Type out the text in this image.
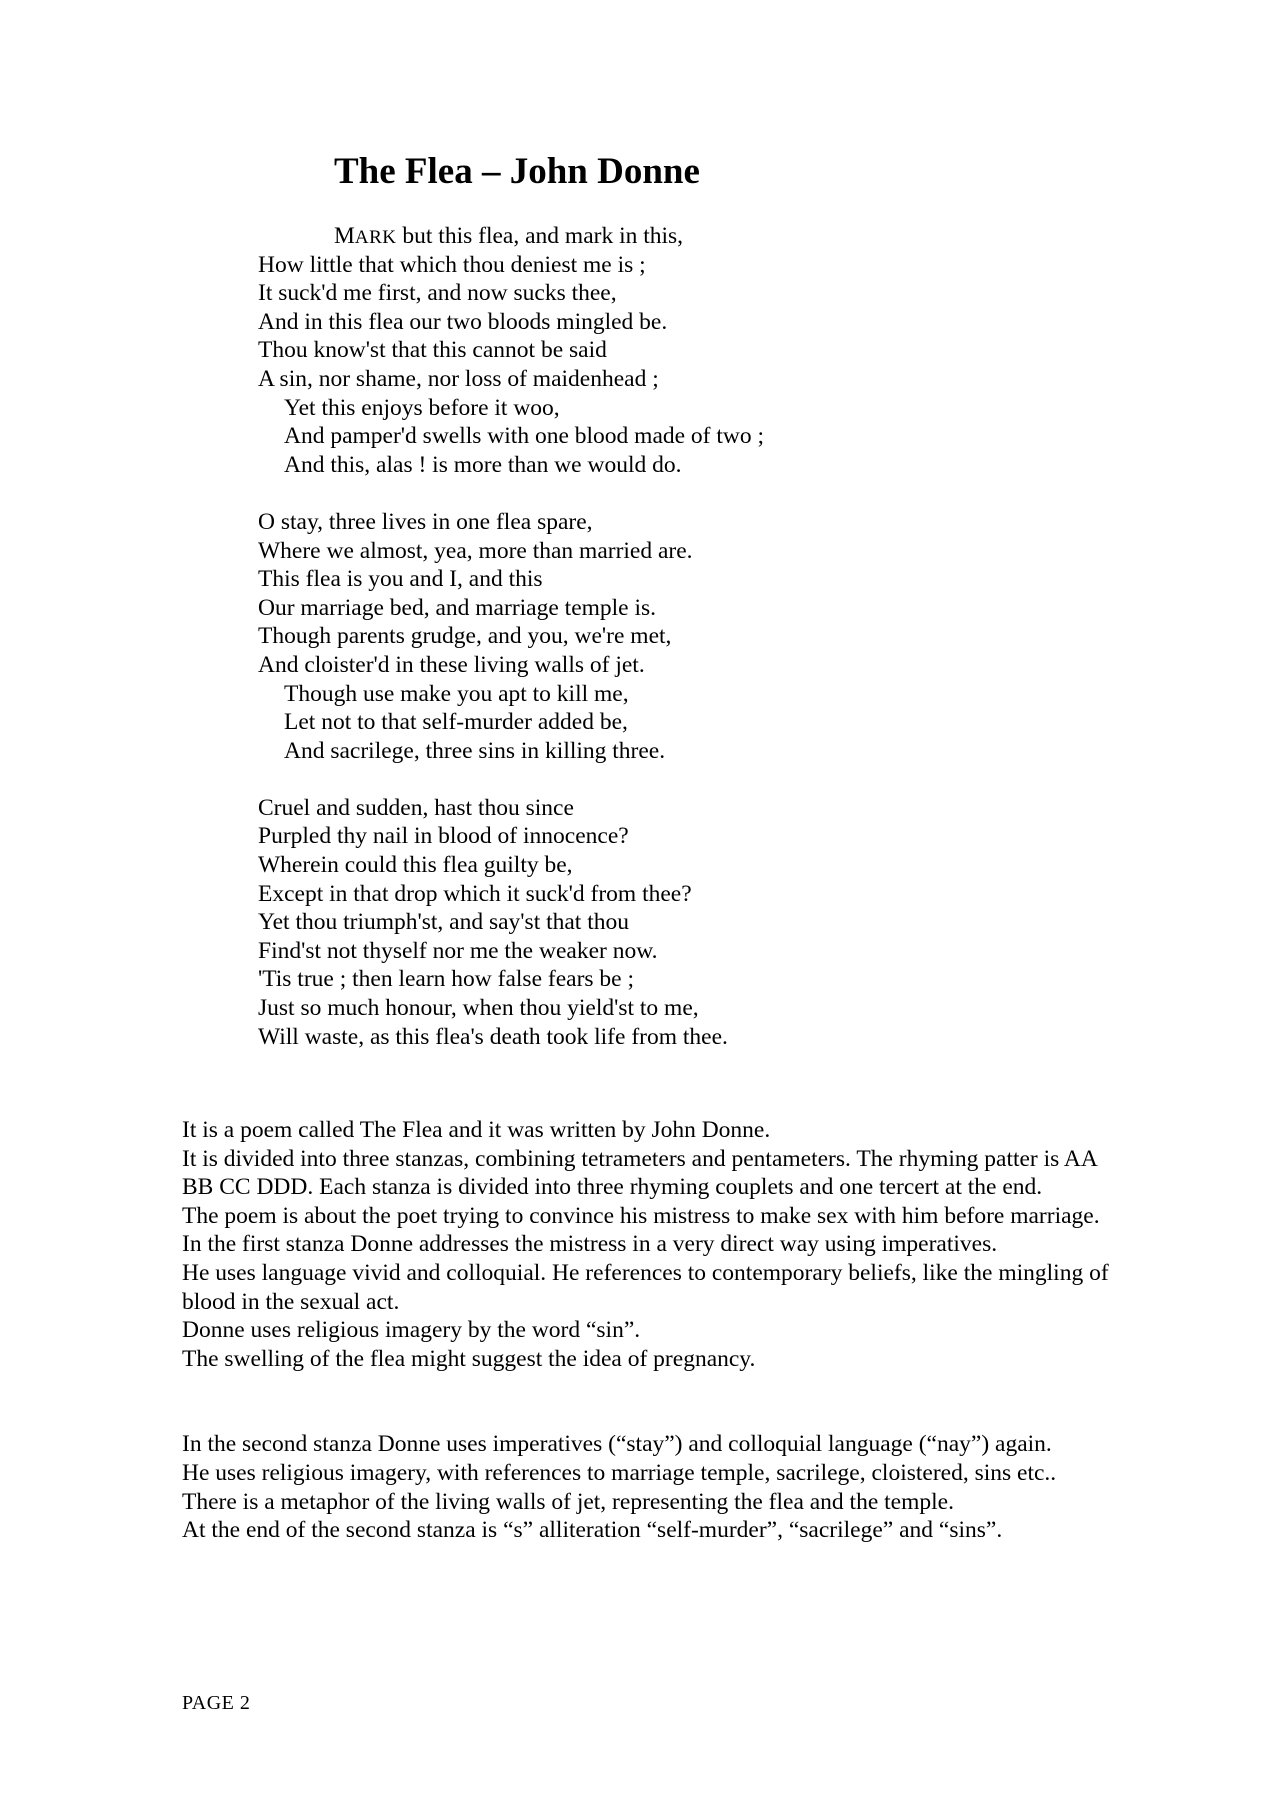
The Flea – John Donne
MARK but this flea, and mark in this,
How little that which thou deniest me is ;
It suck'd me first, and now sucks thee,
And in this flea our two bloods mingled be.
Thou know'st that this cannot be said
A sin, nor shame, nor loss of maidenhead ;
Yet this enjoys before it woo,
And pamper'd swells with one blood made of two ;
And this, alas ! is more than we would do.
O stay, three lives in one flea spare,
Where we almost, yea, more than married are.
This flea is you and I, and this
Our marriage bed, and marriage temple is.
Though parents grudge, and you, we're met,
And cloister'd in these living walls of jet.
Though use make you apt to kill me,
Let not to that self-murder added be,
And sacrilege, three sins in killing three.
Cruel and sudden, hast thou since
Purpled thy nail in blood of innocence?
Wherein could this flea guilty be,
Except in that drop which it suck'd from thee?
Yet thou triumph'st, and say'st that thou
Find'st not thyself nor me the weaker now.
'Tis true ; then learn how false fears be ;
Just so much honour, when thou yield'st to me,
Will waste, as this flea's death took life from thee.

It is a poem called The Flea and it was written by John Donne.

It is divided into three stanzas, combining tetrameters and pentameters. The rhyming patter is AA BB CC DDD. Each stanza is divided into three rhyming couplets and one tercert at the end.

The poem is about the poet trying to convince his mistress to make sex with him before marriage.

In the first stanza Donne addresses the mistress in a very direct way using imperatives.

He uses language vivid and colloquial. He references to contemporary beliefs, like the mingling of blood in the sexual act.

Donne uses religious imagery by the word “sin”.

The swelling of the flea might suggest the idea of pregnancy.

In the second stanza Donne uses imperatives (“stay”) and colloquial language (“nay”) again.

He uses religious imagery, with references to marriage temple, sacrilege, cloistered, sins etc..

There is a metaphor of the living walls of jet, representing the flea and the temple.

At the end of the second stanza is “s” alliteration “self-murder”, “sacrilege” and “sins”.

PAGE 2
